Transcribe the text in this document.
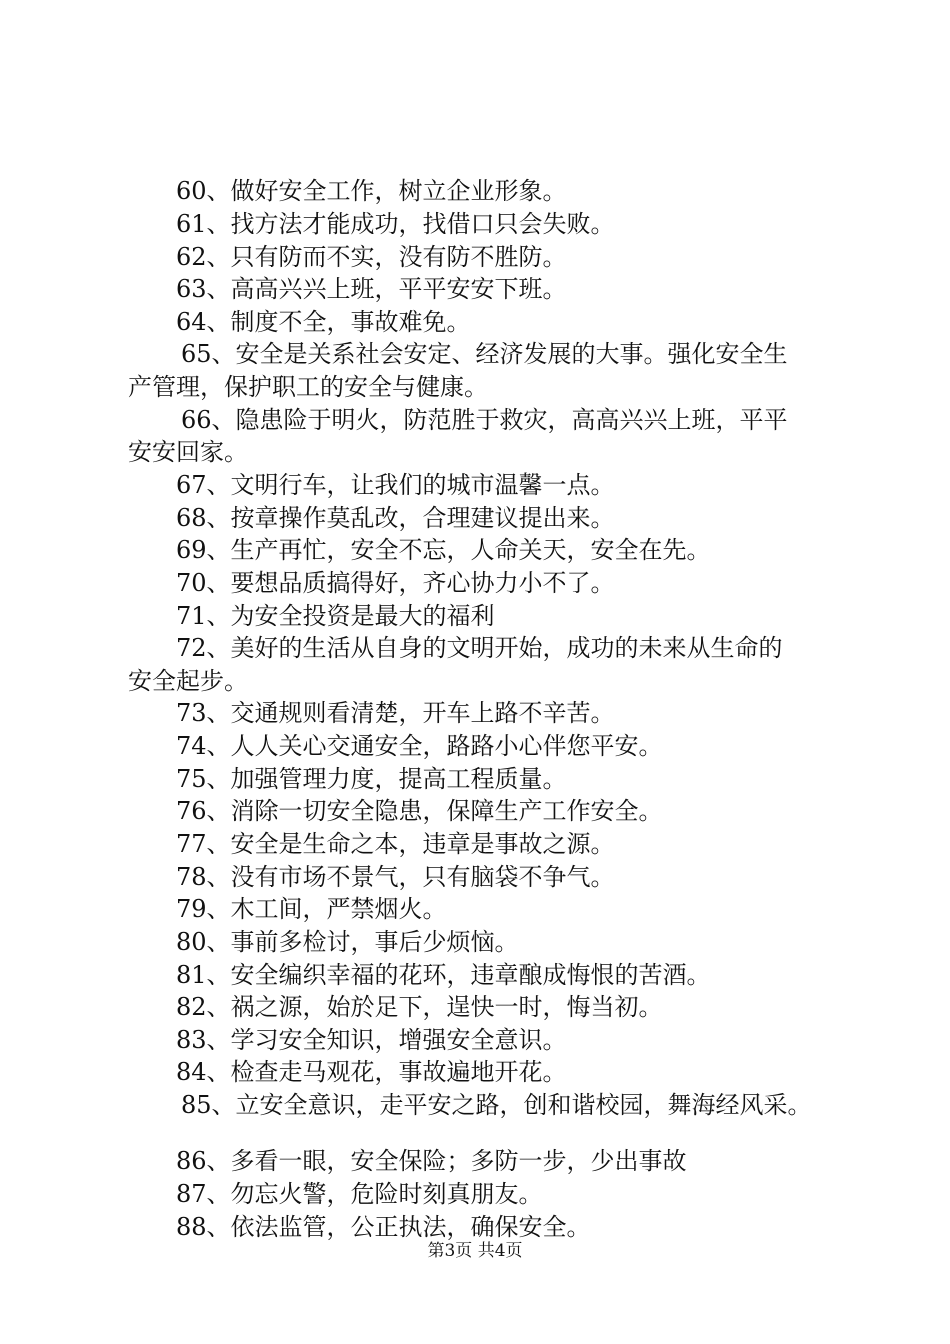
60、做好安全工作，树立企业形象。
61、找方法才能成功，找借口只会失败。
62、只有防而不实，没有防不胜防。
63、高高兴兴上班，平平安安下班。
64、制度不全，事故难免。
65、安全是关系社会安定、经济发展的大事。强化安全生
产管理，保护职工的安全与健康。
66、隐患险于明火，防范胜于救灾，高高兴兴上班，平平
安安回家。
67、文明行车，让我们的城市温馨一点。
68、按章操作莫乱改，合理建议提出来。
69、生产再忙，安全不忘，人命关天，安全在先。
70、要想品质搞得好，齐心协力小不了。
71、为安全投资是最大的福利
72、美好的生活从自身的文明开始，成功的未来从生命的
安全起步。
73、交通规则看清楚，开车上路不辛苦。
74、人人关心交通安全，路路小心伴您平安。
75、加强管理力度，提高工程质量。
76、消除一切安全隐患，保障生产工作安全。
77、安全是生命之本，违章是事故之源。
78、没有市场不景气，只有脑袋不争气。
79、木工间，严禁烟火。
80、事前多检讨，事后少烦恼。
81、安全编织幸福的花环，违章酿成悔恨的苦酒。
82、祸之源，始於足下，逞快一时，悔当初。
83、学习安全知识，增强安全意识。
84、检查走马观花，事故遍地开花。
85、立安全意识，走平安之路，创和谐校园，舞海经风采。
86、多看一眼，安全保险；多防一步，少出事故
87、勿忘火警，危险时刻真朋友。
88、依法监管，公正执法，确保安全。
第3页 共4页
